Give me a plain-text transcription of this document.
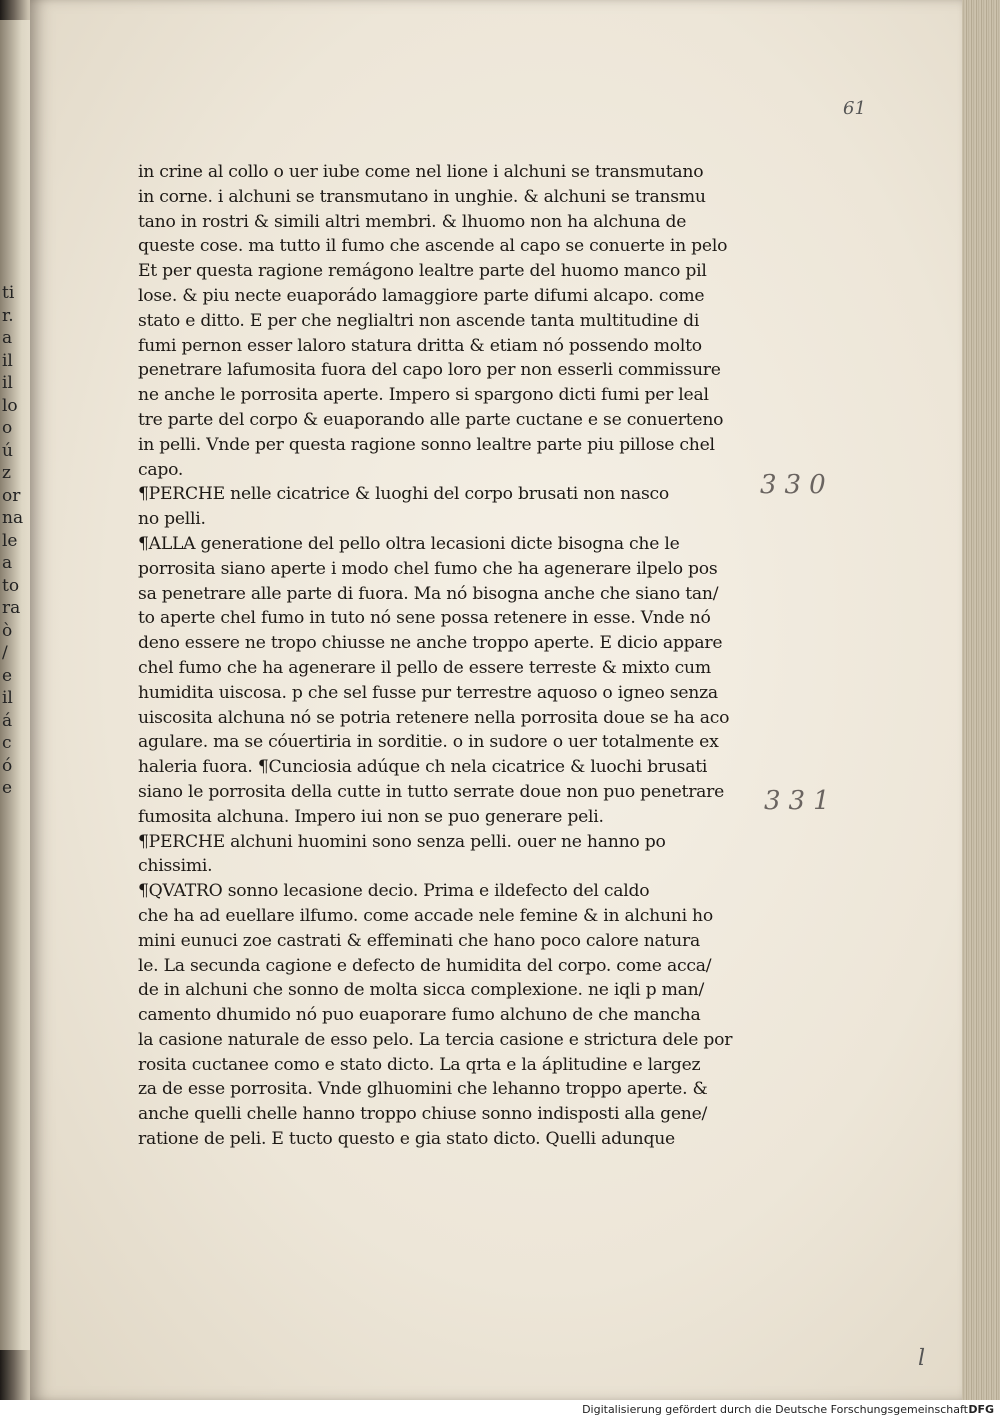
ti
r.
a
il
il
lo
o
ú
z
or
na
le
a
to
ra
ò
/
e
il
á
c
ó
e
61
330
331
l
in crine al collo o uer iube come nel lione i alchuni se transmutano
in corne. i alchuni se transmutano in unghie. & alchuni se transmu
tano in rostri & simili altri membri. & lhuomo non ha alchuna de
queste cose. ma tutto il fumo che ascende al capo se conuerte in pelo
Et per questa ragione remágono lealtre parte del huomo manco pil
lose. & piu necte euaporádo lamaggiore parte difumi alcapo. come
stato e ditto. E per che neglialtri non ascende tanta multitudine di
fumi pernon esser laloro statura dritta & etiam nó possendo molto
penetrare lafumosita fuora del capo loro per non esserli commissure
ne anche le porrosita aperte. Impero si spargono dicti fumi per leal
tre parte del corpo & euaporando alle parte cuctane e se conuerteno
in pelli. Vnde per questa ragione sonno lealtre parte piu pillose chel
capo.
¶PERCHE nelle cicatrice & luoghi del corpo brusati non nasco
no pelli.
¶ALLA generatione del pello oltra lecasioni dicte bisogna che le
porrosita siano aperte i modo chel fumo che ha agenerare ilpelo pos
sa penetrare alle parte di fuora. Ma nó bisogna anche che siano tan/
to aperte chel fumo in tuto nó sene possa retenere in esse. Vnde nó
deno essere ne tropo chiusse ne anche troppo aperte. E dicio appare
chel fumo che ha agenerare il pello de essere terreste & mixto cum
humidita uiscosa. p che sel fusse pur terrestre aquoso o igneo senza
uiscosita alchuna nó se potria retenere nella porrosita doue se ha aco
agulare. ma se cóuertiria in sorditie. o in sudore o uer totalmente ex
haleria fuora. ¶Cunciosia adúque ch nela cicatrice & luochi brusati
siano le porrosita della cutte in tutto serrate doue non puo penetrare
fumosita alchuna. Impero iui non se puo generare peli.
¶PERCHE alchuni huomini sono senza pelli. ouer ne hanno po
chissimi.
¶QVATRO sonno lecasione decio. Prima e ildefecto del caldo
che ha ad euellare ilfumo. come accade nele femine & in alchuni ho
mini eunuci zoe castrati & effeminati che hano poco calore natura
le. La secunda cagione e defecto de humidita del corpo. come acca/
de in alchuni che sonno de molta sicca complexione. ne iqli p man/
camento dhumido nó puo euaporare fumo alchuno de che mancha
la casione naturale de esso pelo. La tercia casione e strictura dele por
rosita cuctanee como e stato dicto. La qrta e la áplitudine e largez
za de esse porrosita. Vnde glhuomini che lehanno troppo aperte. &
anche quelli chelle hanno troppo chiuse sonno indisposti alla gene/
ratione de peli. E tucto questo e gia stato dicto. Quelli adunque
Digitalisierung gefördert durch die Deutsche Forschungsgemeinschaft DFG
